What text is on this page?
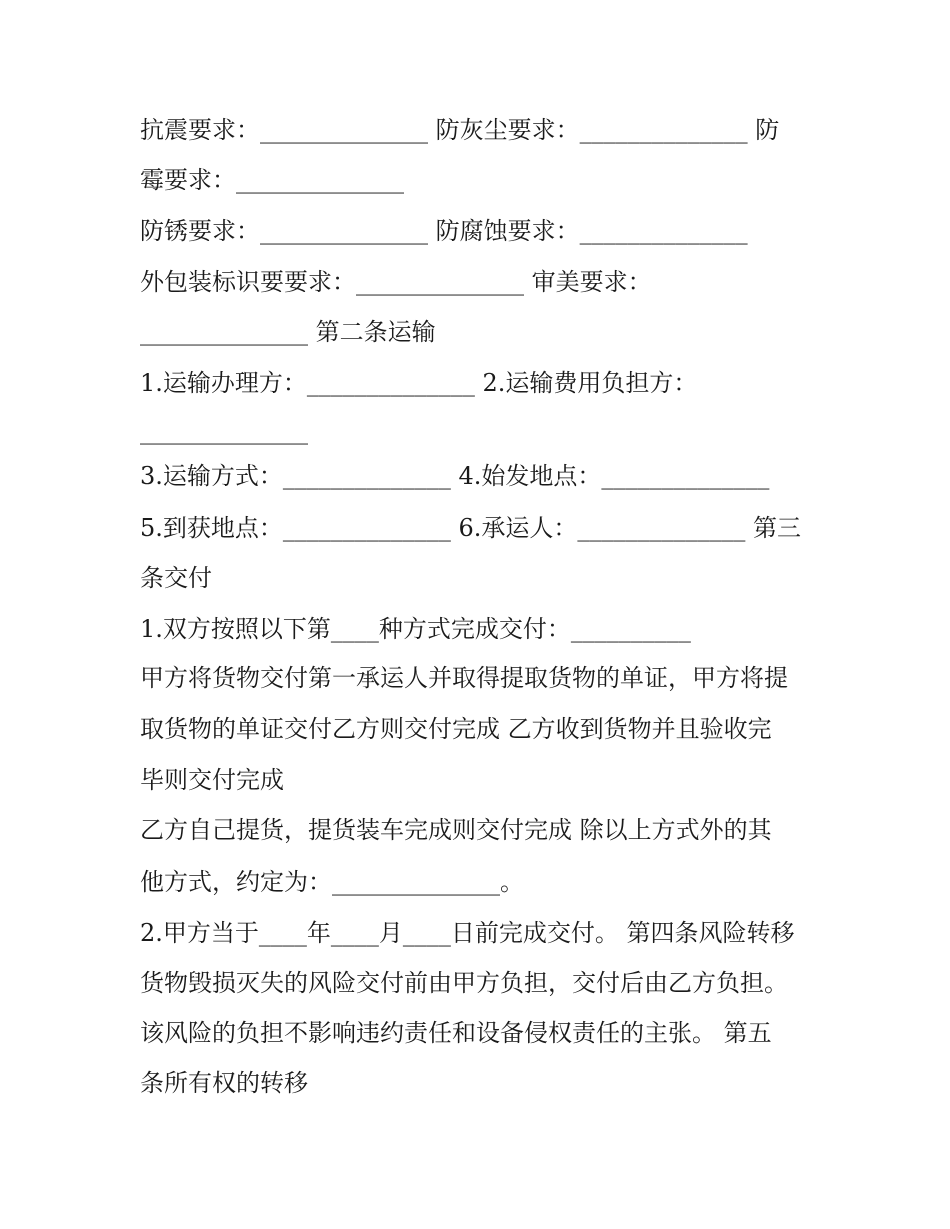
抗震要求：______________ 防灰尘要求：______________ 防
霉要求：______________
防锈要求：______________ 防腐蚀要求：______________
外包装标识要要求：______________ 审美要求：
______________ 第二条运输
1.运输办理方：______________ 2.运输费用负担方：
______________
3.运输方式：______________ 4.始发地点：______________
5.到获地点：______________ 6.承运人：______________ 第三
条交付
1.双方按照以下第____种方式完成交付：__________
甲方将货物交付第一承运人并取得提取货物的单证，甲方将提
取货物的单证交付乙方则交付完成 乙方收到货物并且验收完
毕则交付完成
乙方自己提货，提货装车完成则交付完成 除以上方式外的其
他方式，约定为：______________。
2.甲方当于____年____月____日前完成交付。 第四条风险转移
货物毁损灭失的风险交付前由甲方负担，交付后由乙方负担。
该风险的负担不影响违约责任和设备侵权责任的主张。 第五
条所有权的转移
